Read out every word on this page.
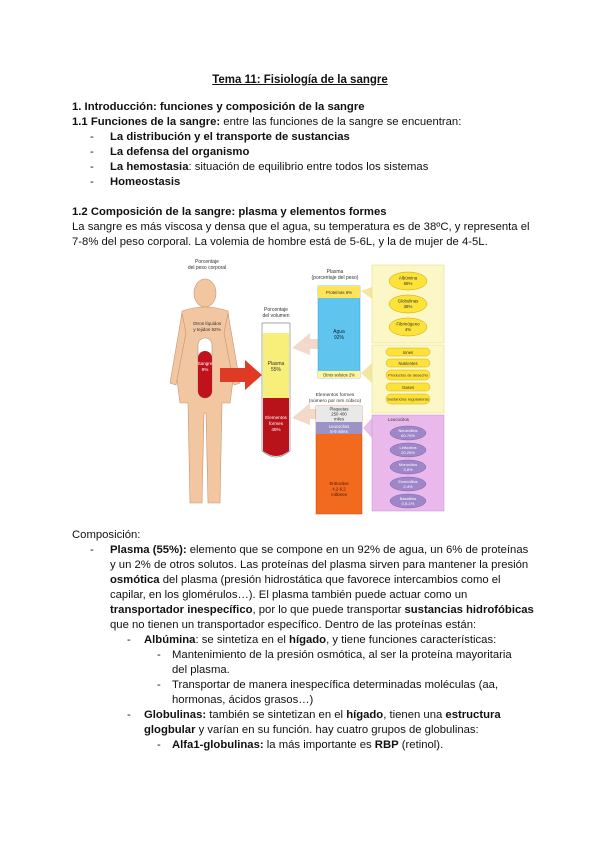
Tema 11: Fisiología de la sangre
1. Introducción: funciones y composición de la sangre
1.1 Funciones de la sangre: entre las funciones de la sangre se encuentran:
- La distribución y el transporte de sustancias
- La defensa del organismo
- La hemostasia: situación de equilibrio entre todos los sistemas
- Homeostasis
1.2 Composición de la sangre: plasma y elementos formes
La sangre es más viscosa y densa que el agua, su temperatura es de 38ºC, y representa el
7-8% del peso corporal. La volemia de hombre está de 5-6L, y la de mujer de 4-5L.
Porcentaje
del peso corporal
Otros líquidos
y tejidos 92%
Sangre
8%
Porcentaje
del volumen
Plasma
55%
Elementos
formes
45%
Plasma
(porcentaje del peso)
Proteínas 6%
Agua
92%
Otros solutos 2%
Albúmina
58%
Globulinas
38%
Fibrinógeno
4%
Iones
Nutrientes
Productos de desecho
Gases
Sustancias reguladoras
Elementos formes
(número por mm cúbico)
Plaquetas
250 400
miles
Leucocitos
5-9 miles
Eritrocitos
4,2-6,2
millones
Leucocitos
Neutrófilos
60-70%
Linfocitos
20-25%
Monocitos
3-8%
Eosinófilos
2-4%
Basófilos
0,5-1%
Composición:
- Plasma (55%): elemento que se compone en un 92% de agua, un 6% de proteínas
y un 2% de otros solutos. Las proteínas del plasma sirven para mantener la presión
osmótica del plasma (presión hidrostática que favorece intercambios como el
capilar, en los glomérulos…). El plasma también puede actuar como un
transportador inespecífico, por lo que puede transportar sustancias hidrofóbicas
que no tienen un transportador específico. Dentro de las proteínas están:
- Albúmina: se sintetiza en el hígado, y tiene funciones características:
- Mantenimiento de la presión osmótica, al ser la proteína mayoritaria
del plasma.
- Transportar de manera inespecífica determinadas moléculas (aa,
hormonas, ácidos grasos…)
- Globulinas: también se sintetizan en el hígado, tienen una estructura
glogbular y varían en su función. hay cuatro grupos de globulinas:
- Alfa1-globulinas: la más importante es RBP (retinol).
